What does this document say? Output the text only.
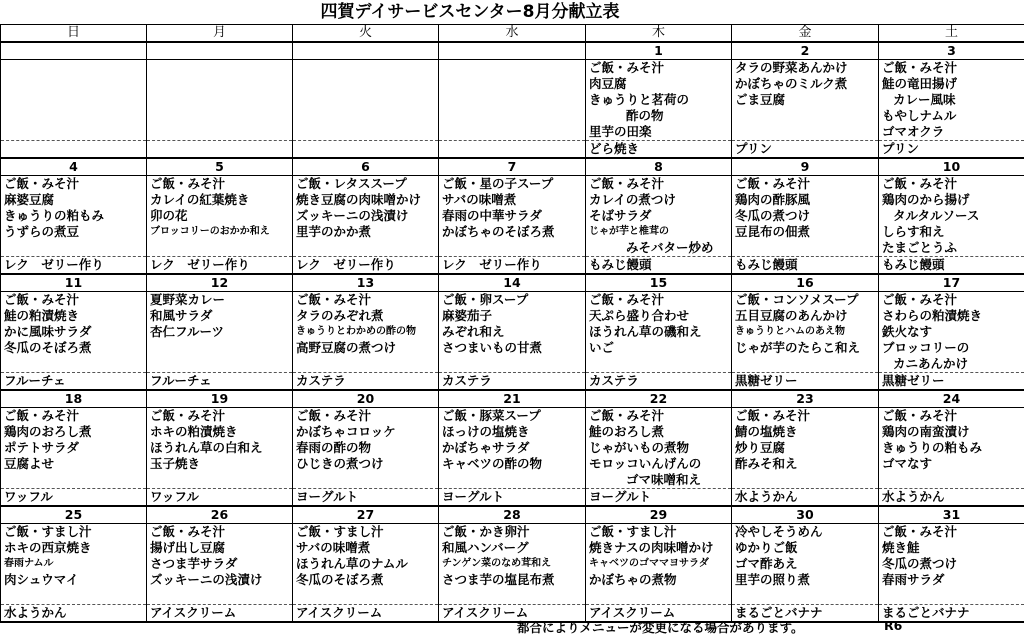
四賀デイサービスセンター8月分献立表
日	月	火	水	木	金	土
				1	2	3
				ご飯・みそ汁	タラの野菜あんかけ	ご飯・みそ汁
				肉豆腐	かぼちゃのミルク煮	鮭の竜田揚げ
				きゅうりと茗荷の	ごま豆腐	カレー風味
				酢の物		もやしナムル
				里芋の田楽		ゴマオクラ
				どら焼き	プリン	プリン
4	5	6	7	8	9	10
ご飯・みそ汁	ご飯・みそ汁	ご飯・レタススープ	ご飯・星の子スープ	ご飯・みそ汁	ご飯・みそ汁	ご飯・みそ汁
麻婆豆腐	カレイの紅葉焼き	焼き豆腐の肉味噌かけ	サバの味噌煮	カレイの煮つけ	鶏肉の酢豚風	鶏肉のから揚げ
きゅうりの粕もみ	卯の花	ズッキーニの浅漬け	春雨の中華サラダ	そばサラダ	冬瓜の煮つけ	タルタルソース
うずらの煮豆	ブロッコリーのおかか和え	里芋のかか煮	かぼちゃのそぼろ煮	じゃが芋と椎茸の	豆昆布の佃煮	しらす和え
				みそバター炒め		たまごとうふ
レク　ゼリー作り	レク　ゼリー作り	レク　ゼリー作り	レク　ゼリー作り	もみじ饅頭	もみじ饅頭	もみじ饅頭
11	12	13	14	15	16	17
ご飯・みそ汁	夏野菜カレー	ご飯・みそ汁	ご飯・卵スープ	ご飯・みそ汁	ご飯・コンソメスープ	ご飯・みそ汁
鮭の粕漬焼き	和風サラダ	タラのみぞれ煮	麻婆茄子	天ぷら盛り合わせ	五目豆腐のあんかけ	さわらの粕漬焼き
かに風味サラダ	杏仁フルーツ	きゅうりとわかめの酢の物	みぞれ和え	ほうれん草の磯和え	きゅうりとハムのあえ物	鉄火なす
冬瓜のそぼろ煮		高野豆腐の煮つけ	さつまいもの甘煮	いご	じゃが芋のたらこ和え	ブロッコリーの
						カニあんかけ
フルーチェ	フルーチェ	カステラ	カステラ	カステラ	黒糖ゼリー	黒糖ゼリー
18	19	20	21	22	23	24
ご飯・みそ汁	ご飯・みそ汁	ご飯・みそ汁	ご飯・豚菜スープ	ご飯・みそ汁	ご飯・みそ汁	ご飯・みそ汁
鶏肉のおろし煮	ホキの粕漬焼き	かぼちゃコロッケ	ほっけの塩焼き	鮭のおろし煮	鯖の塩焼き	鶏肉の南蛮漬け
ポテトサラダ	ほうれん草の白和え	春雨の酢の物	かぼちゃサラダ	じゃがいもの煮物	炒り豆腐	きゅうりの粕もみ
豆腐よせ	玉子焼き	ひじきの煮つけ	キャベツの酢の物	モロッコいんげんの	酢みそ和え	ゴマなす
				ゴマ味噌和え		
ワッフル	ワッフル	ヨーグルト	ヨーグルト	ヨーグルト	水ようかん	水ようかん
25	26	27	28	29	30	31
ご飯・すまし汁	ご飯・みそ汁	ご飯・すまし汁	ご飯・かき卵汁	ご飯・すまし汁	冷やしそうめん	ご飯・みそ汁
ホキの西京焼き	揚げ出し豆腐	サバの味噌煮	和風ハンバーグ	焼きナスの肉味噌かけ	ゆかりご飯	焼き鮭
春雨ナムル	さつま芋サラダ	ほうれん草のナムル	チンゲン菜のなめ茸和え	キャベツのゴママヨサラダ	ゴマ酢あえ	冬瓜の煮つけ
肉シュウマイ	ズッキーニの浅漬け	冬瓜のそぼろ煮	さつま芋の塩昆布煮	かぼちゃの煮物	里芋の照り煮	春雨サラダ

水ようかん	アイスクリーム	アイスクリーム	アイスクリーム	アイスクリーム	まるごとバナナ	まるごとバナナ
都合によりメニューが変更になる場合があります。	R6
